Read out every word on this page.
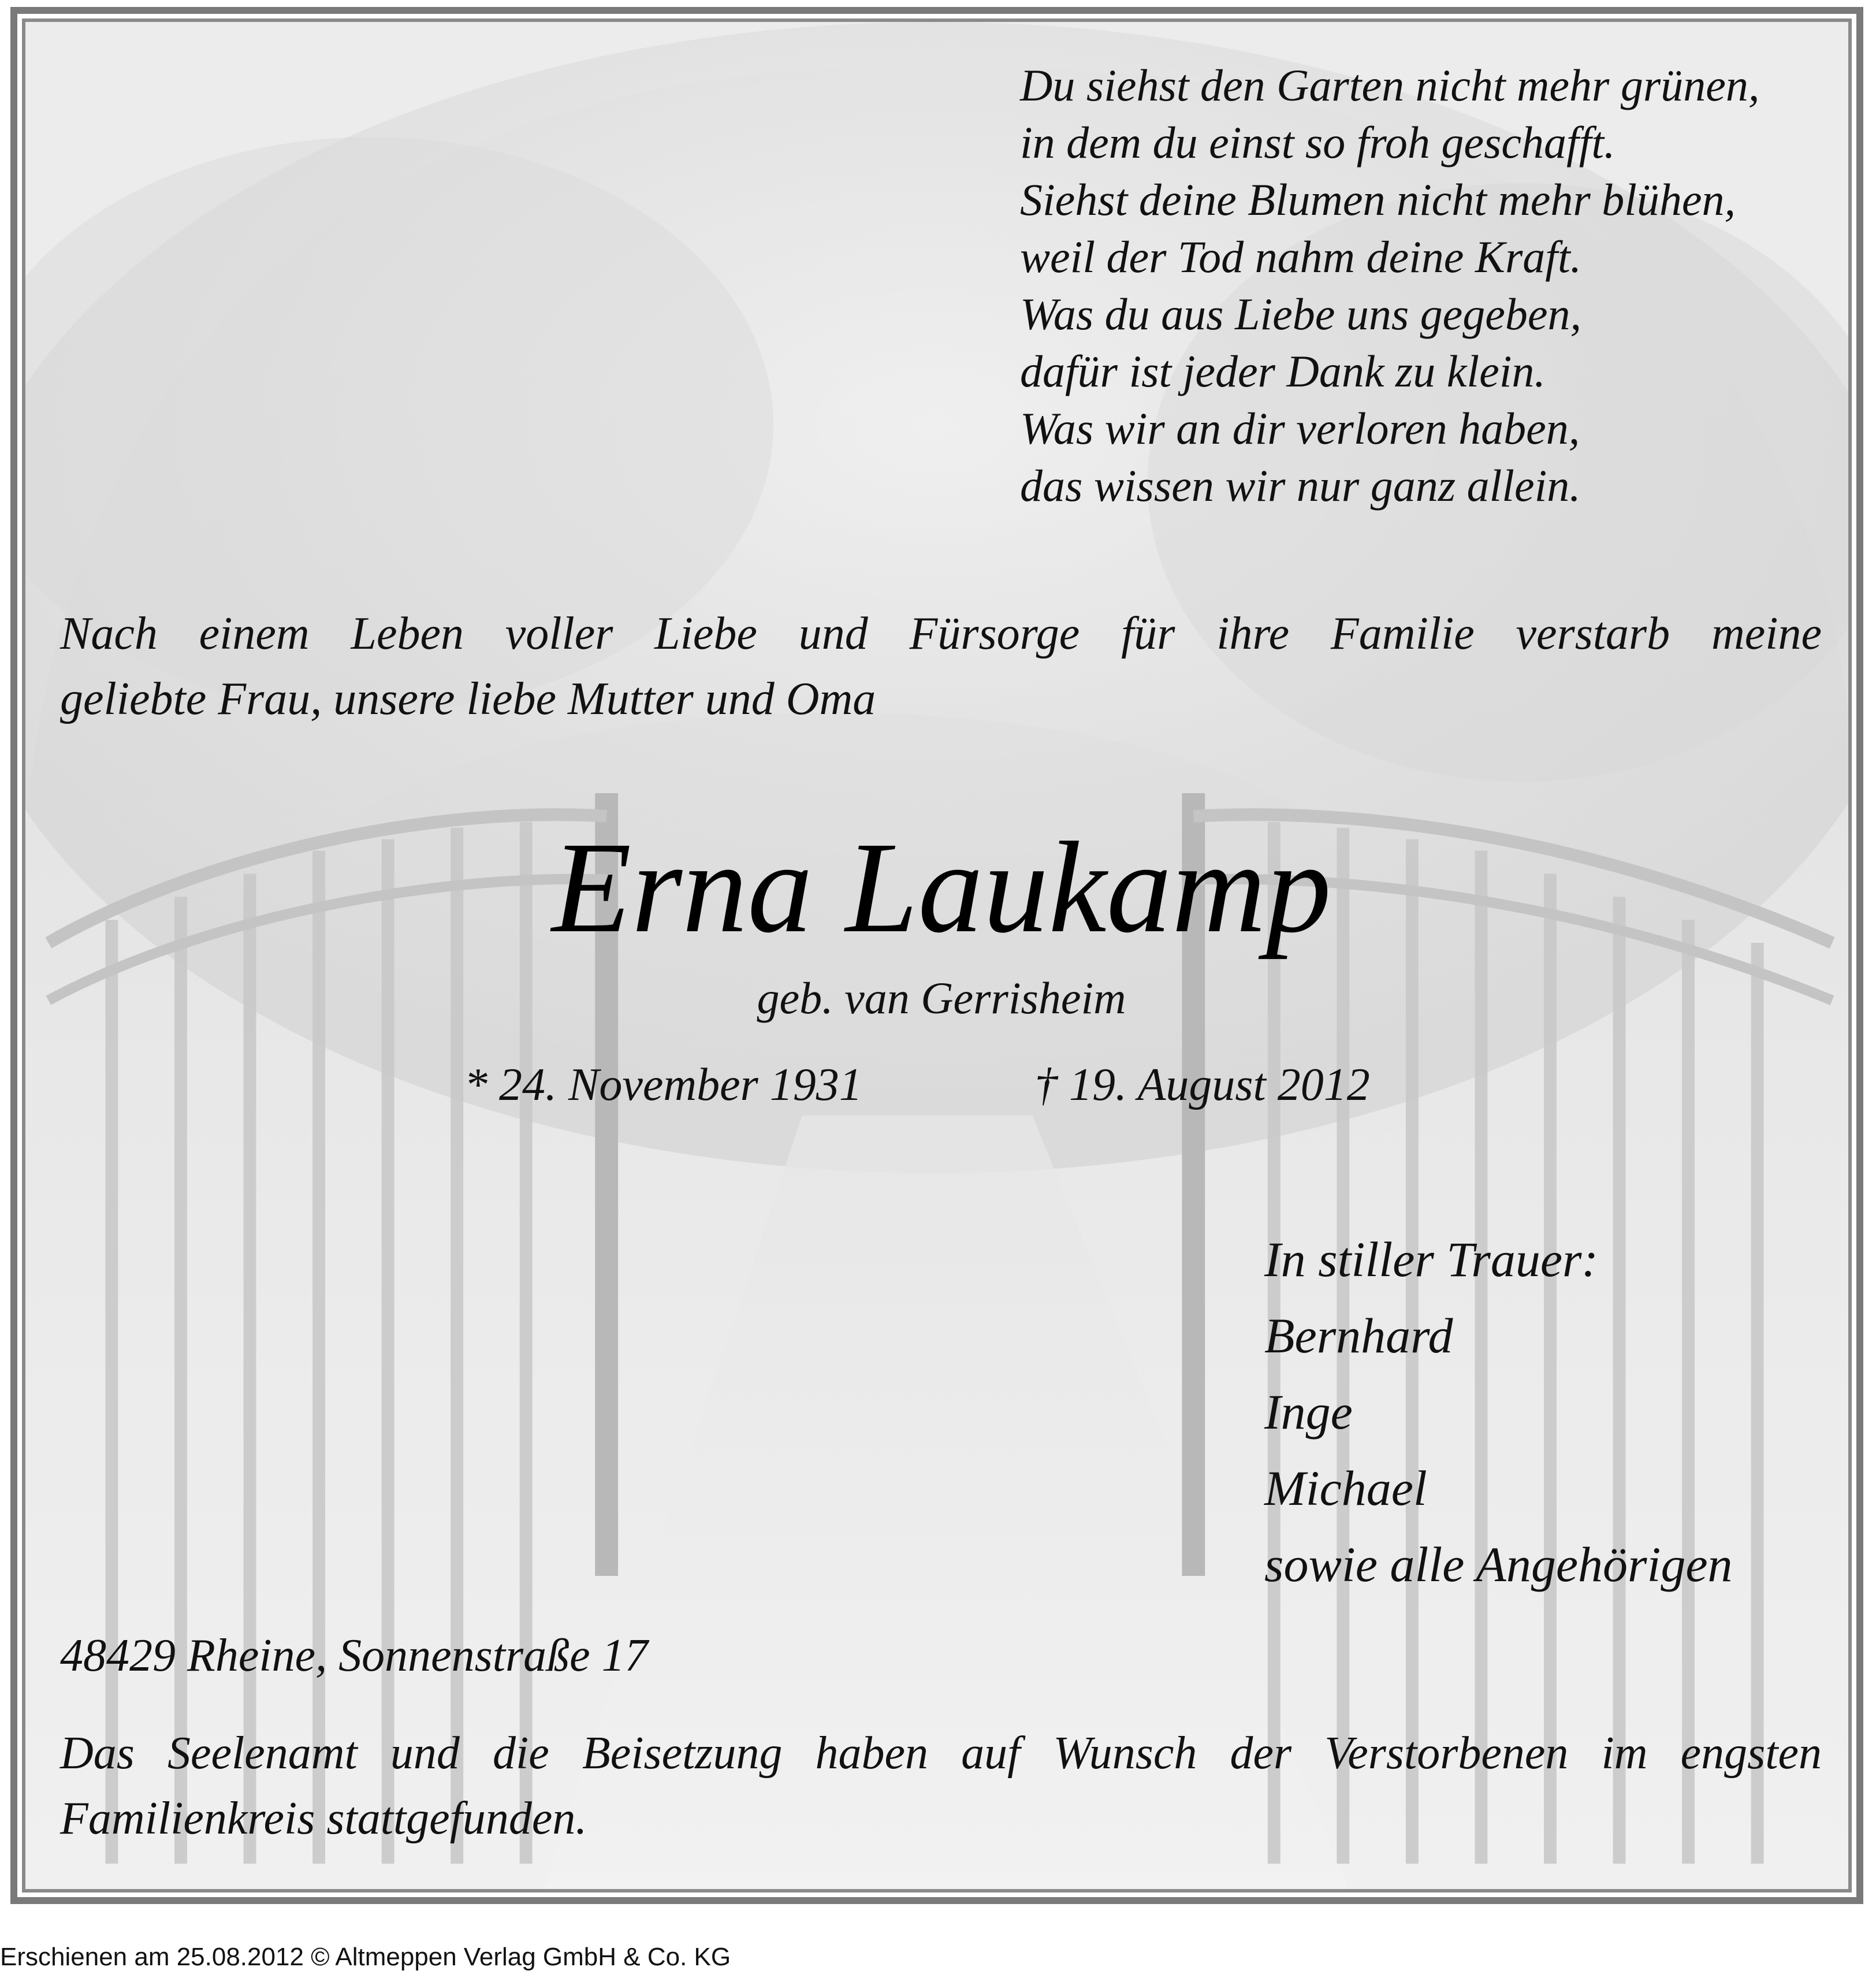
Du siehst den Garten nicht mehr grünen,
in dem du einst so froh geschafft.
Siehst deine Blumen nicht mehr blühen,
weil der Tod nahm deine Kraft.
Was du aus Liebe uns gegeben,
dafür ist jeder Dank zu klein.
Was wir an dir verloren haben,
das wissen wir nur ganz allein.
Nach einem Leben voller Liebe und Fürsorge für ihre Familie verstarb meine
geliebte Frau, unsere liebe Mutter und Oma
Erna Laukamp
geb. van Gerrisheim
* 24. November 1931	† 19. August 2012
In stiller Trauer:
Bernhard
Inge
Michael
sowie alle Angehörigen
48429 Rheine, Sonnenstraße 17
Das Seelenamt und die Beisetzung haben auf Wunsch der Verstorbenen im engsten
Familienkreis stattgefunden.
Erschienen am 25.08.2012 © Altmeppen Verlag GmbH & Co. KG
